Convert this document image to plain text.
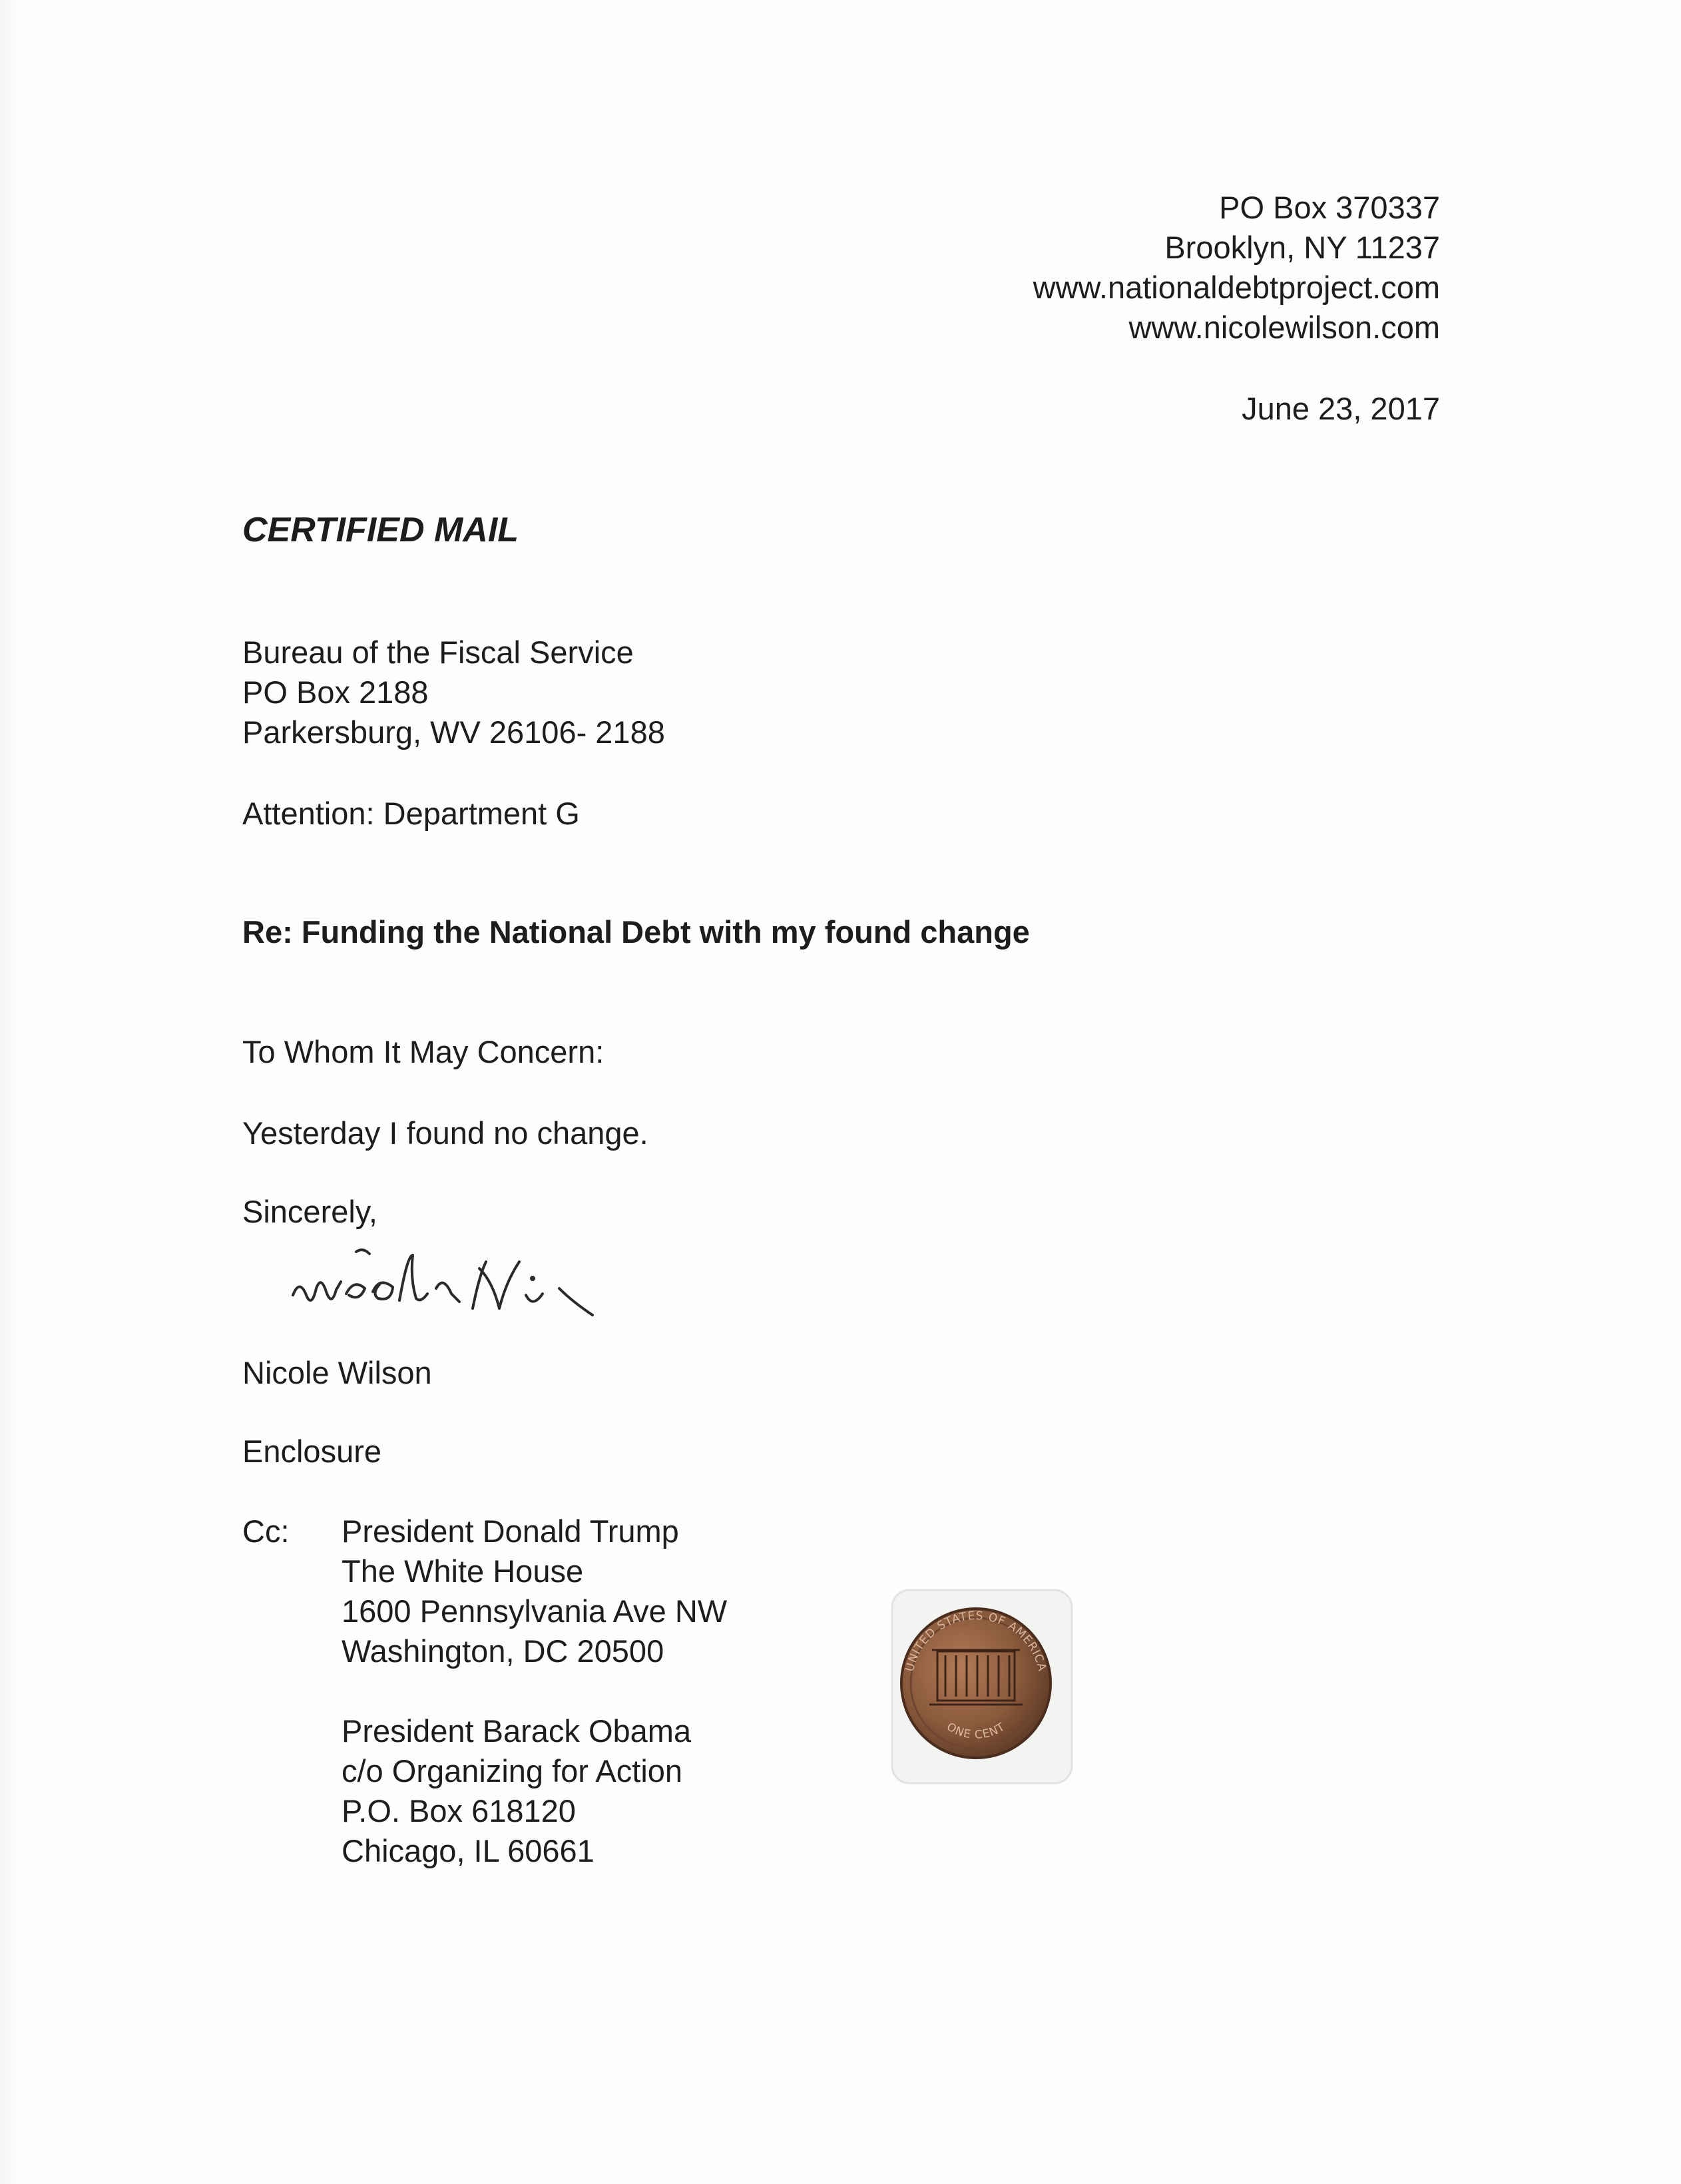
PO Box 370337
Brooklyn, NY 11237
www.nationaldebtproject.com
www.nicolewilson.com
June 23, 2017
CERTIFIED MAIL
Bureau of the Fiscal Service
PO Box 2188
Parkersburg, WV 26106- 2188
Attention: Department G
Re: Funding the National Debt with my found change
To Whom It May Concern:
Yesterday I found no change.
Sincerely,
Nicole Wilson
Enclosure
Cc: President Donald Trump
The White House
1600 Pennsylvania Ave NW
Washington, DC 20500
President Barack Obama
c/o Organizing for Action
P.O. Box 618120
Chicago, IL 60661
UNITED STATES OF AMERICA
ONE CENT
